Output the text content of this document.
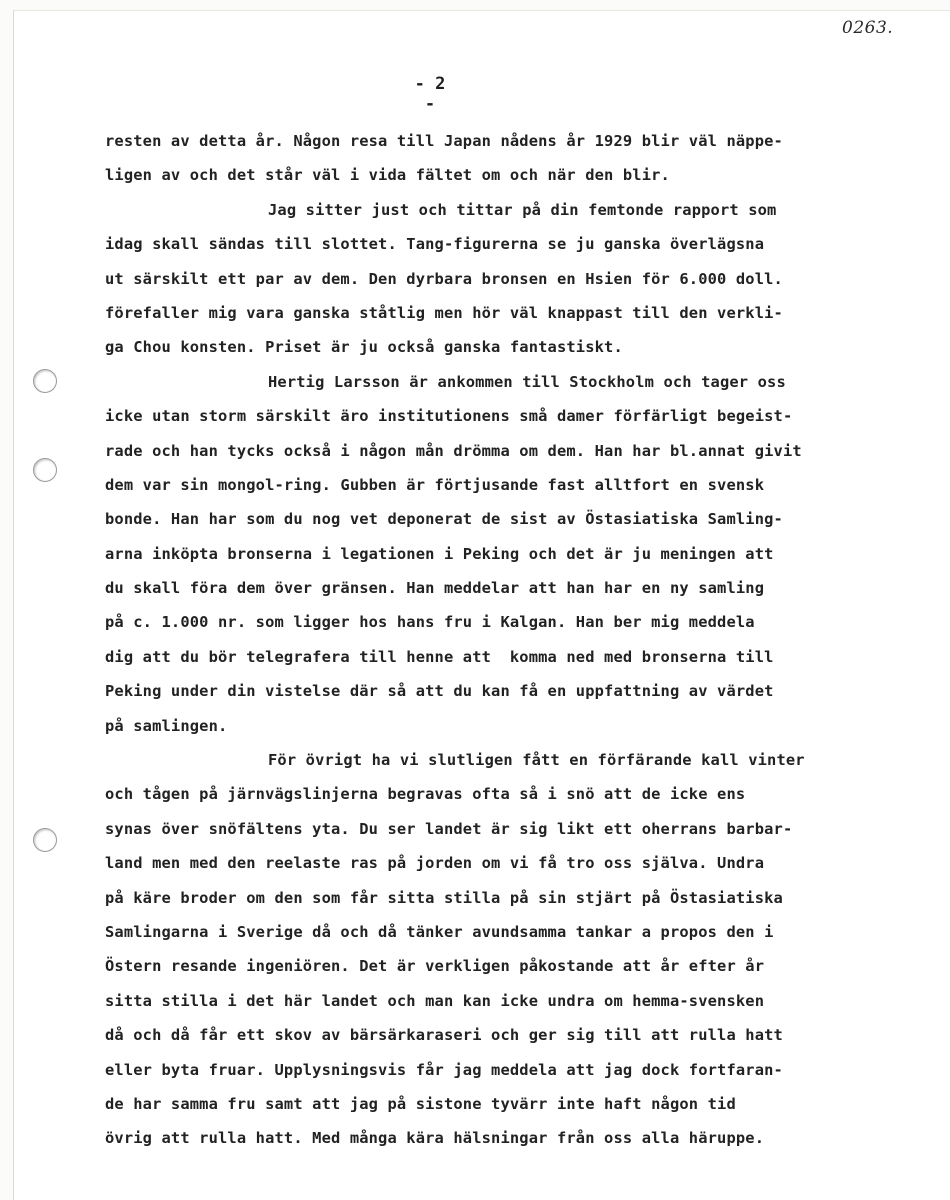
0263.
- 2 -
resten av detta år. Någon resa till Japan nådens år 1929 blir väl näppe-
ligen av och det står väl i vida fältet om och när den blir.
Jag sitter just och tittar på din femtonde rapport som
idag skall sändas till slottet. Tang-figurerna se ju ganska överlägsna
ut särskilt ett par av dem. Den dyrbara bronsen en Hsien för 6.000 doll.
förefaller mig vara ganska ståtlig men hör väl knappast till den verkli-
ga Chou konsten. Priset är ju också ganska fantastiskt.
Hertig Larsson är ankommen till Stockholm och tager oss
icke utan storm särskilt äro institutionens små damer förfärligt begeist-
rade och han tycks också i någon mån drömma om dem. Han har bl.annat givit
dem var sin mongol-ring. Gubben är förtjusande fast alltfort en svensk
bonde. Han har som du nog vet deponerat de sist av Östasiatiska Samling-
arna inköpta bronserna i legationen i Peking och det är ju meningen att
du skall föra dem över gränsen. Han meddelar att han har en ny samling
på c. 1.000 nr. som ligger hos hans fru i Kalgan. Han ber mig meddela
dig att du bör telegrafera till henne att  komma ned med bronserna till
Peking under din vistelse där så att du kan få en uppfattning av värdet
på samlingen.
För övrigt ha vi slutligen fått en förfärande kall vinter
och tågen på järnvägslinjerna begravas ofta så i snö att de icke ens
synas över snöfältens yta. Du ser landet är sig likt ett oherrans barbar-
land men med den reelaste ras på jorden om vi få tro oss själva. Undra
på käre broder om den som får sitta stilla på sin stjärt på Östasiatiska
Samlingarna i Sverige då och då tänker avundsamma tankar a propos den i
Östern resande ingeniören. Det är verkligen påkostande att år efter år
sitta stilla i det här landet och man kan icke undra om hemma-svensken
då och då får ett skov av bärsärkaraseri och ger sig till att rulla hatt
eller byta fruar. Upplysningsvis får jag meddela att jag dock fortfaran-
de har samma fru samt att jag på sistone tyvärr inte haft någon tid
övrig att rulla hatt. Med många kära hälsningar från oss alla häruppe.
